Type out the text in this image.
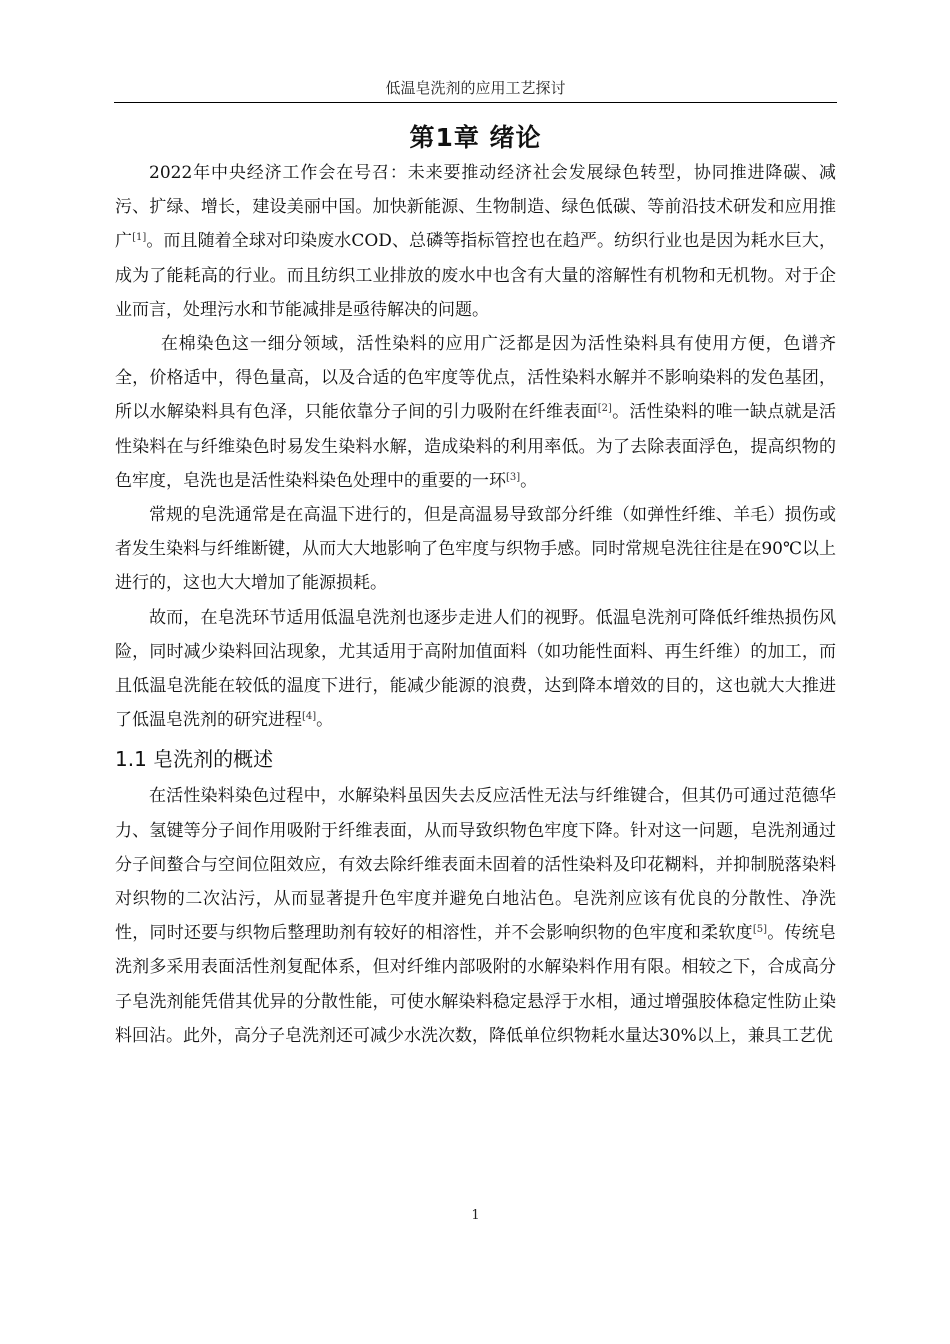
低温皂洗剂的应用工艺探讨
第1章 绪论

2022年中央经济工作会在号召：未来要推动经济社会发展绿色转型，协同推进降碳、减污、扩绿、增长，建设美丽中国。加快新能源、生物制造、绿色低碳、等前沿技术研发和应用推广[1]。而且随着全球对印染废水COD、总磷等指标管控也在趋严。纺织行业也是因为耗水巨大，成为了能耗高的行业。而且纺织工业排放的废水中也含有大量的溶解性有机物和无机物。对于企业而言，处理污水和节能减排是亟待解决的问题。

在棉染色这一细分领域，活性染料的应用广泛都是因为活性染料具有使用方便，色谱齐全，价格适中，得色量高，以及合适的色牢度等优点，活性染料水解并不影响染料的发色基团，所以水解染料具有色泽，只能依靠分子间的引力吸附在纤维表面[2]。活性染料的唯一缺点就是活性染料在与纤维染色时易发生染料水解，造成染料的利用率低。为了去除表面浮色，提高织物的色牢度，皂洗也是活性染料染色处理中的重要的一环[3]。

常规的皂洗通常是在高温下进行的，但是高温易导致部分纤维（如弹性纤维、羊毛）损伤或者发生染料与纤维断键，从而大大地影响了色牢度与织物手感。同时常规皂洗往往是在90℃以上进行的，这也大大增加了能源损耗。

故而，在皂洗环节适用低温皂洗剂也逐步走进人们的视野。低温皂洗剂可降低纤维热损伤风险，同时减少染料回沾现象，尤其适用于高附加值面料（如功能性面料、再生纤维）的加工，而且低温皂洗能在较低的温度下进行，能减少能源的浪费，达到降本增效的目的，这也就大大推进了低温皂洗剂的研究进程[4]。

1.1 皂洗剂的概述

在活性染料染色过程中，水解染料虽因失去反应活性无法与纤维键合，但其仍可通过范德华力、氢键等分子间作用吸附于纤维表面，从而导致织物色牢度下降。针对这一问题，皂洗剂通过分子间螯合与空间位阻效应，有效去除纤维表面未固着的活性染料及印花糊料，并抑制脱落染料对织物的二次沾污，从而显著提升色牢度并避免白地沾色。皂洗剂应该有优良的分散性、净洗性，同时还要与织物后整理助剂有较好的相溶性，并不会影响织物的色牢度和柔软度[5]。传统皂洗剂多采用表面活性剂复配体系，但对纤维内部吸附的水解染料作用有限。相较之下，合成高分子皂洗剂能凭借其优异的分散性能，可使水解染料稳定悬浮于水相，通过增强胶体稳定性防止染料回沾。此外，高分子皂洗剂还可减少水洗次数，降低单位织物耗水量达30%以上，兼具工艺优

1
